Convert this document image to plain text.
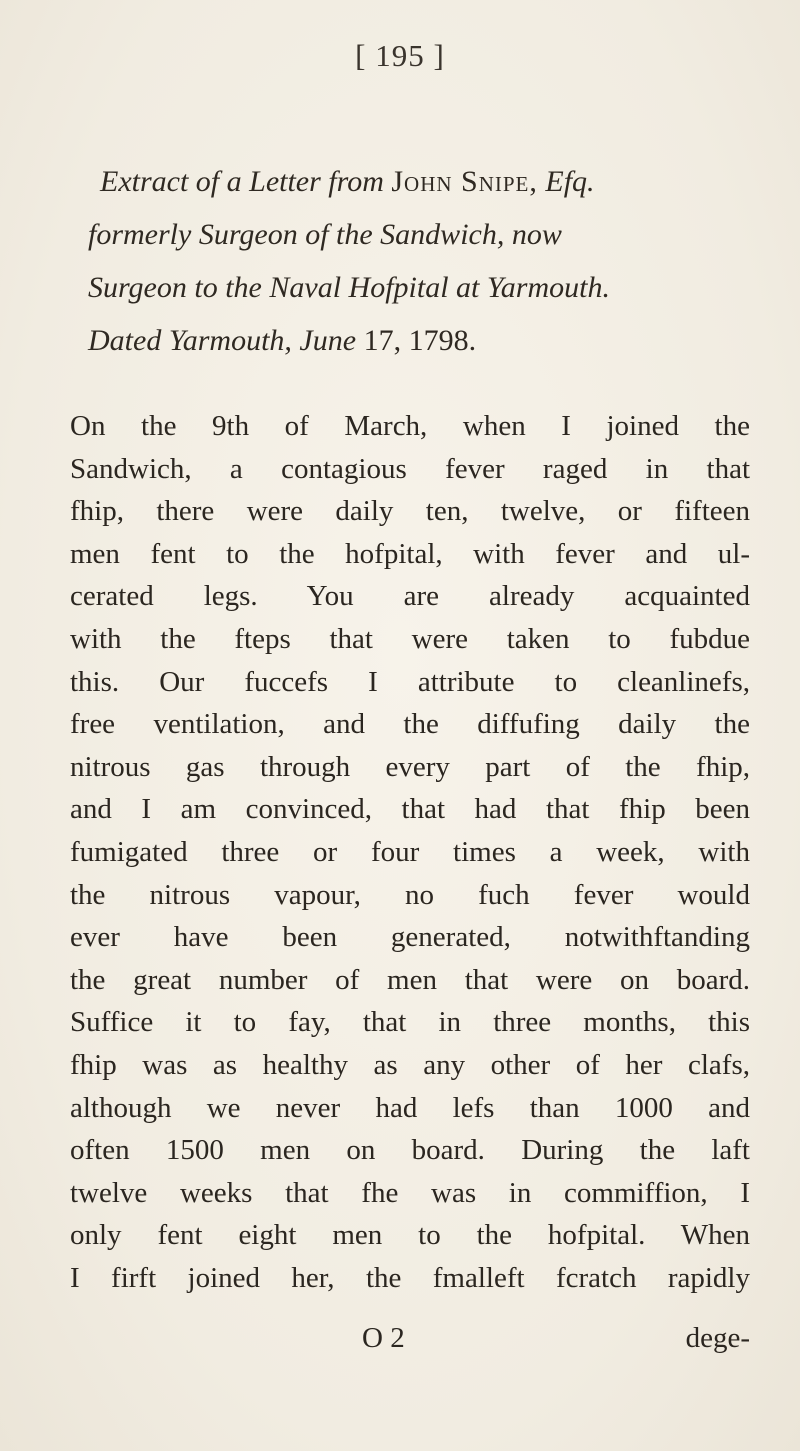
[ 195 ]
Extract of a Letter from John Snipe, Efq.
formerly Surgeon of the Sandwich, now
Surgeon to the Naval Hofpital at Yarmouth.
Dated Yarmouth, June 17, 1798.
On the 9th of March, when I joined the
Sandwich, a contagious fever raged in that
fhip, there were daily ten, twelve, or fifteen
men fent to the hofpital, with fever and ul-
cerated legs. You are already acquainted
with the fteps that were taken to fubdue
this. Our fuccefs I attribute to cleanlinefs,
free ventilation, and the diffufing daily the
nitrous gas through every part of the fhip,
and I am convinced, that had that fhip been
fumigated three or four times a week, with
the nitrous vapour, no fuch fever would
ever have been generated, notwithftanding
the great number of men that were on board.
Suffice it to fay, that in three months, this
fhip was as healthy as any other of her clafs,
although we never had lefs than 1000 and
often 1500 men on board. During the laft
twelve weeks that fhe was in commiffion, I
only fent eight men to the hofpital. When
I firft joined her, the fmalleft fcratch rapidly
O 2	dege-
